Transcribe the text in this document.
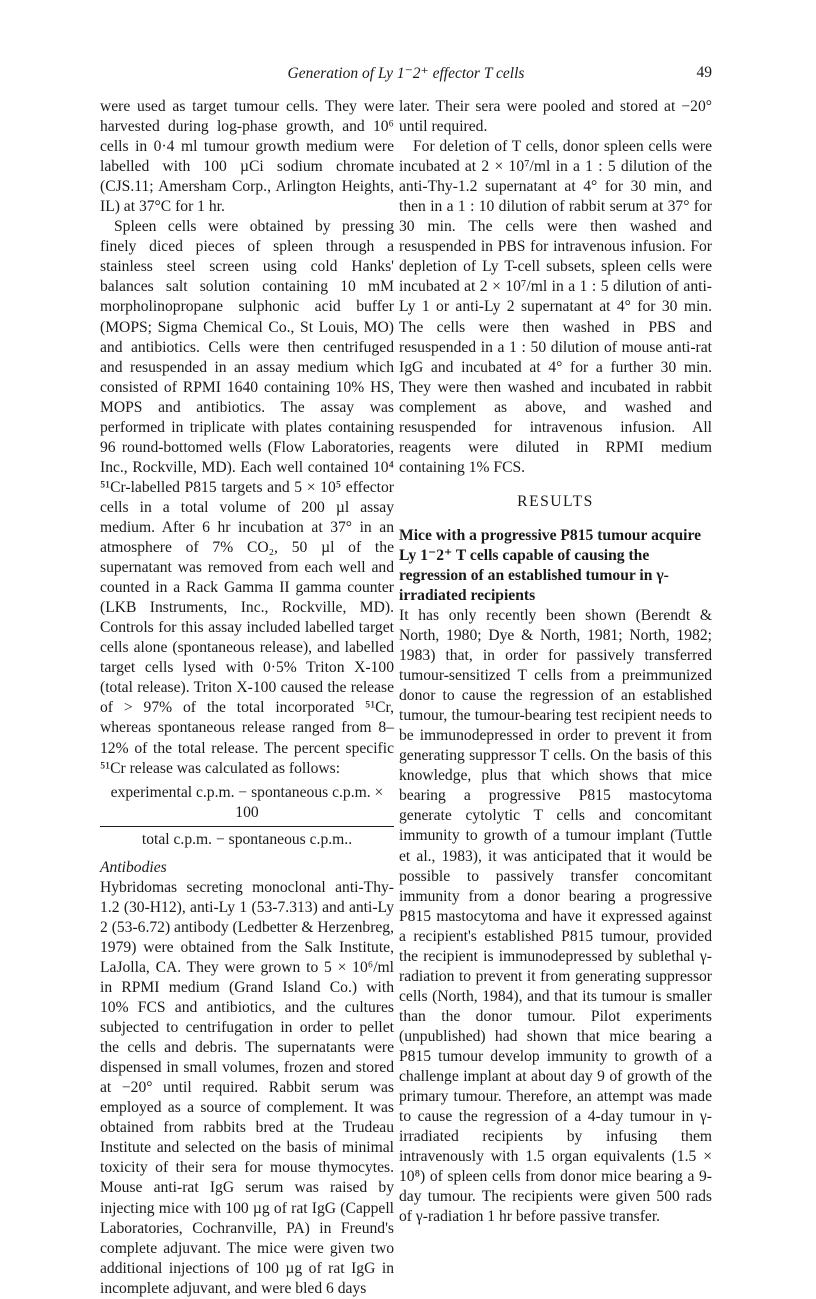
Generation of Ly 1⁻2⁺ effector T cells	49

were used as target tumour cells. They were harvested during log-phase growth, and 10⁶ cells in 0·4 ml tumour growth medium were labelled with 100 µCi sodium chromate (CJS.11; Amersham Corp., Arlington Heights, IL) at 37°C for 1 hr.

Spleen cells were obtained by pressing finely diced pieces of spleen through a stainless steel screen using cold Hanks' balances salt solution containing 10 mM morpholinopropane sulphonic acid buffer (MOPS; Sigma Chemical Co., St Louis, MO) and antibiotics. Cells were then centrifuged and resuspended in an assay medium which consisted of RPMI 1640 containing 10% HS, MOPS and antibiotics. The assay was performed in triplicate with plates containing 96 round-bottomed wells (Flow Laboratories, Inc., Rockville, MD). Each well contained 10⁴ ⁵¹Cr-labelled P815 targets and 5 × 10⁵ effector cells in a total volume of 200 µl assay medium. After 6 hr incubation at 37° in an atmosphere of 7% CO₂, 50 µl of the supernatant was removed from each well and counted in a Rack Gamma II gamma counter (LKB Instruments, Inc., Rockville, MD). Controls for this assay included labelled target cells alone (spontaneous release), and labelled target cells lysed with 0·5% Triton X-100 (total release). Triton X-100 caused the release of > 97% of the total incorporated ⁵¹Cr, whereas spontaneous release ranged from 8–12% of the total release. The percent specific ⁵¹Cr release was calculated as follows:

experimental c.p.m. − spontaneous c.p.m. × 100
total c.p.m. − spontaneous c.p.m..

Antibodies

Hybridomas secreting monoclonal anti-Thy-1.2 (30-H12), anti-Ly 1 (53-7.313) and anti-Ly 2 (53-6.72) antibody (Ledbetter & Herzenbreg, 1979) were obtained from the Salk Institute, LaJolla, CA. They were grown to 5 × 10⁶/ml in RPMI medium (Grand Island Co.) with 10% FCS and antibiotics, and the cultures subjected to centrifugation in order to pellet the cells and debris. The supernatants were dispensed in small volumes, frozen and stored at −20° until required. Rabbit serum was employed as a source of complement. It was obtained from rabbits bred at the Trudeau Institute and selected on the basis of minimal toxicity of their sera for mouse thymocytes. Mouse anti-rat IgG serum was raised by injecting mice with 100 µg of rat IgG (Cappell Laboratories, Cochranville, PA) in Freund's complete adjuvant. The mice were given two additional injections of 100 µg of rat IgG in incomplete adjuvant, and were bled 6 days

later. Their sera were pooled and stored at −20° until required.

For deletion of T cells, donor spleen cells were incubated at 2 × 10⁷/ml in a 1 : 5 dilution of the anti-Thy-1.2 supernatant at 4° for 30 min, and then in a 1 : 10 dilution of rabbit serum at 37° for 30 min. The cells were then washed and resuspended in PBS for intravenous infusion. For depletion of Ly T-cell subsets, spleen cells were incubated at 2 × 10⁷/ml in a 1 : 5 dilution of anti-Ly 1 or anti-Ly 2 supernatant at 4° for 30 min. The cells were then washed in PBS and resuspended in a 1 : 50 dilution of mouse anti-rat IgG and incubated at 4° for a further 30 min. They were then washed and incubated in rabbit complement as above, and washed and resuspended for intravenous infusion. All reagents were diluted in RPMI medium containing 1% FCS.

RESULTS

Mice with a progressive P815 tumour acquire Ly 1⁻2⁺ T cells capable of causing the regression of an established tumour in γ-irradiated recipients

It has only recently been shown (Berendt & North, 1980; Dye & North, 1981; North, 1982; 1983) that, in order for passively transferred tumour-sensitized T cells from a preimmunized donor to cause the regression of an established tumour, the tumour-bearing test recipient needs to be immunodepressed in order to prevent it from generating suppressor T cells. On the basis of this knowledge, plus that which shows that mice bearing a progressive P815 mastocytoma generate cytolytic T cells and concomitant immunity to growth of a tumour implant (Tuttle et al., 1983), it was anticipated that it would be possible to passively transfer concomitant immunity from a donor bearing a progressive P815 mastocytoma and have it expressed against a recipient's established P815 tumour, provided the recipient is immunodepressed by sublethal γ-radiation to prevent it from generating suppressor cells (North, 1984), and that its tumour is smaller than the donor tumour. Pilot experiments (unpublished) had shown that mice bearing a P815 tumour develop immunity to growth of a challenge implant at about day 9 of growth of the primary tumour. Therefore, an attempt was made to cause the regression of a 4-day tumour in γ-irradiated recipients by infusing them intravenously with 1.5 organ equivalents (1.5 × 10⁸) of spleen cells from donor mice bearing a 9-day tumour. The recipients were given 500 rads of γ-radiation 1 hr before passive transfer.
